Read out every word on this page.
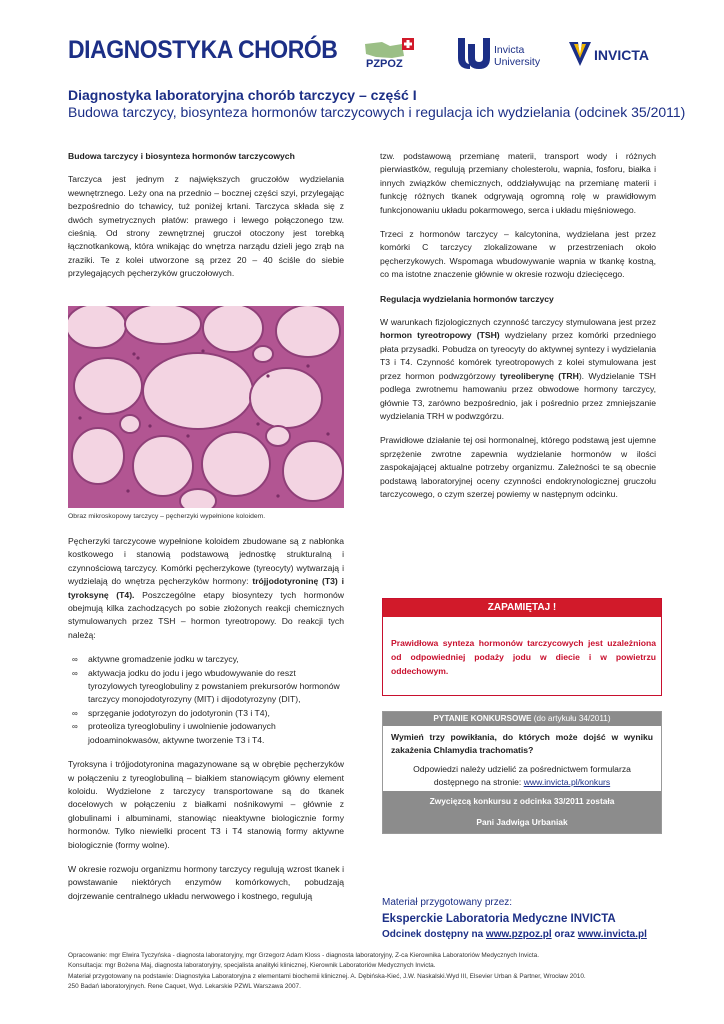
DIAGNOSTYKA CHORÓB	PZPOZ
Invicta
University	INVICTA
Diagnostyka laboratoryjna chorób tarczycy – część I
Budowa tarczycy, biosynteza hormonów tarczycowych i regulacja ich wydzielania (odcinek 35/2011)
Budowa tarczycy i biosynteza hormonów tarczycowych

Tarczyca jest jednym z największych gruczołów wydzielania wewnętrznego. Leży ona na przednio – bocznej części szyi, przylegając bezpośrednio do tchawicy, tuż poniżej krtani. Tarczyca składa się z dwóch symetrycznych płatów: prawego i lewego połączonego tzw. cieśnią. Od strony zewnętrznej gruczoł otoczony jest torebką łącznotkankową, która wnikając do wnętrza narządu dzieli jego zrąb na zraziki. Te z kolei utworzone są przez 20 – 40 ściśle do siebie przylegających pęcherzyków gruczołowych.

Obraz mikroskopowy tarczycy – pęcherzyki wypełnione koloidem.

Pęcherzyki tarczycowe wypełnione koloidem zbudowane są z nabłonka kostkowego i stanowią podstawową jednostkę strukturalną i czynnościową tarczycy. Komórki pęcherzykowe (tyreocyty) wytwarzają i wydzielają do wnętrza pęcherzyków hormony: trójjodotyroninę (T3) i tyroksynę (T4). Poszczególne etapy biosyntezy tych hormonów obejmują kilka zachodzących po sobie złożonych reakcji chemicznych stymulowanych przez TSH – hormon tyreotropowy. Do reakcji tych należą:

∞ aktywne gromadzenie jodku w tarczycy,
∞ aktywacja jodku do jodu i jego wbudowywanie do reszt tyrozylowych tyreoglobuliny z powstaniem prekursorów hormonów tarczycy monojodotyrozyny (MIT) i dijodotyrozyny (DIT),
∞ sprzęganie jodotyrozyn do jodotyronin (T3 i T4),
∞ proteoliza tyreoglobuliny i uwolnienie jodowanych jodoaminokwasów, aktywne tworzenie T3 i T4.

Tyroksyna i trójjodotyronina magazynowane są w obrębie pęcherzyków w połączeniu z tyreoglobuliną – białkiem stanowiącym główny element koloidu. Wydzielone z tarczycy transportowane są do tkanek docelowych w połączeniu z białkami nośnikowymi – głównie z globulinami i albuminami, stanowiąc nieaktywne biologicznie formy hormonów. Tylko niewielki procent T3 i T4 stanowią formy aktywne biologicznie (formy wolne).

W okresie rozwoju organizmu hormony tarczycy regulują wzrost tkanek i powstawanie niektórych enzymów komórkowych, pobudzają dojrzewanie centralnego układu nerwowego i kostnego, regulują

tzw. podstawową przemianę materii, transport wody i różnych pierwiastków, regulują przemiany cholesterolu, wapnia, fosforu, białka i innych związków chemicznych, oddziaływując na przemianę materii i funkcję różnych tkanek odgrywają ogromną rolę w prawidłowym funkcjonowaniu układu pokarmowego, serca i układu mięśniowego.

Trzeci z hormonów tarczycy – kalcytonina, wydzielana jest przez komórki C tarczycy zlokalizowane w przestrzeniach około pęcherzykowych. Wspomaga wbudowywanie wapnia w tkankę kostną, co ma istotne znaczenie głównie w okresie rozwoju dziecięcego.

Regulacja wydzielania hormonów tarczycy

W warunkach fizjologicznych czynność tarczycy stymulowana jest przez hormon tyreotropowy (TSH) wydzielany przez komórki przedniego płata przysadki. Pobudza on tyreocyty do aktywnej syntezy i wydzielania T3 i T4. Czynność komórek tyreotropowych z kolei stymulowana jest przez hormon podwzgórzowy tyreoliberynę (TRH). Wydzielanie TSH podlega zwrotnemu hamowaniu przez obwodowe hormony tarczycy, głównie T3, zarówno bezpośrednio, jak i pośrednio przez zmniejszanie wydzielania TRH w podwzgórzu.

Prawidłowe działanie tej osi hormonalnej, którego podstawą jest ujemne sprzężenie zwrotne zapewnia wydzielanie hormonów w ilości zaspokajającej aktualne potrzeby organizmu. Zależności te są obecnie podstawą laboratoryjnej oceny czynności endokrynologicznej gruczołu tarczycowego, o czym szerzej powiemy w następnym odcinku.

ZAPAMIĘTAJ !
Prawidłowa synteza hormonów tarczycowych jest uzależniona od odpowiedniej podaży jodu w diecie i w powietrzu oddechowym.
PYTANIE KONKURSOWE (do artykułu 34/2011)
Wymień trzy powikłania, do których może dojść w wyniku zakażenia Chlamydia trachomatis?
Odpowiedzi należy udzielić za pośrednictwem formularza dostępnego na stronie: www.invicta.pl/konkurs
Zwycięzcą konkursu z odcinka 33/2011 została
Pani Jadwiga Urbaniak
Materiał przygotowany przez:
Eksperckie Laboratoria Medyczne INVICTA
Odcinek dostępny na www.pzpoz.pl oraz www.invicta.pl
Opracowanie: mgr Elwira Tyczyńska - diagnosta laboratoryjny, mgr Grzegorz Adam Kloss - diagnosta laboratoryjny, Z-ca Kierownika Laboratoriów Medycznych Invicta.
Konsultacja: mgr Bożena Maj, diagnosta laboratoryjny, specjalista analityki klinicznej, Kierownik Laboratoriów Medycznych Invicta.
Materiał przygotowany na podstawie: Diagnostyka Laboratoryjna z elementami biochemii klinicznej. A. Dębińska-Kieć, J.W. Naskalski.Wyd III, Elsevier Urban & Partner, Wrocław 2010.
250 Badań laboratoryjnych. Rene Caquet, Wyd. Lekarskie PZWL Warszawa 2007.
